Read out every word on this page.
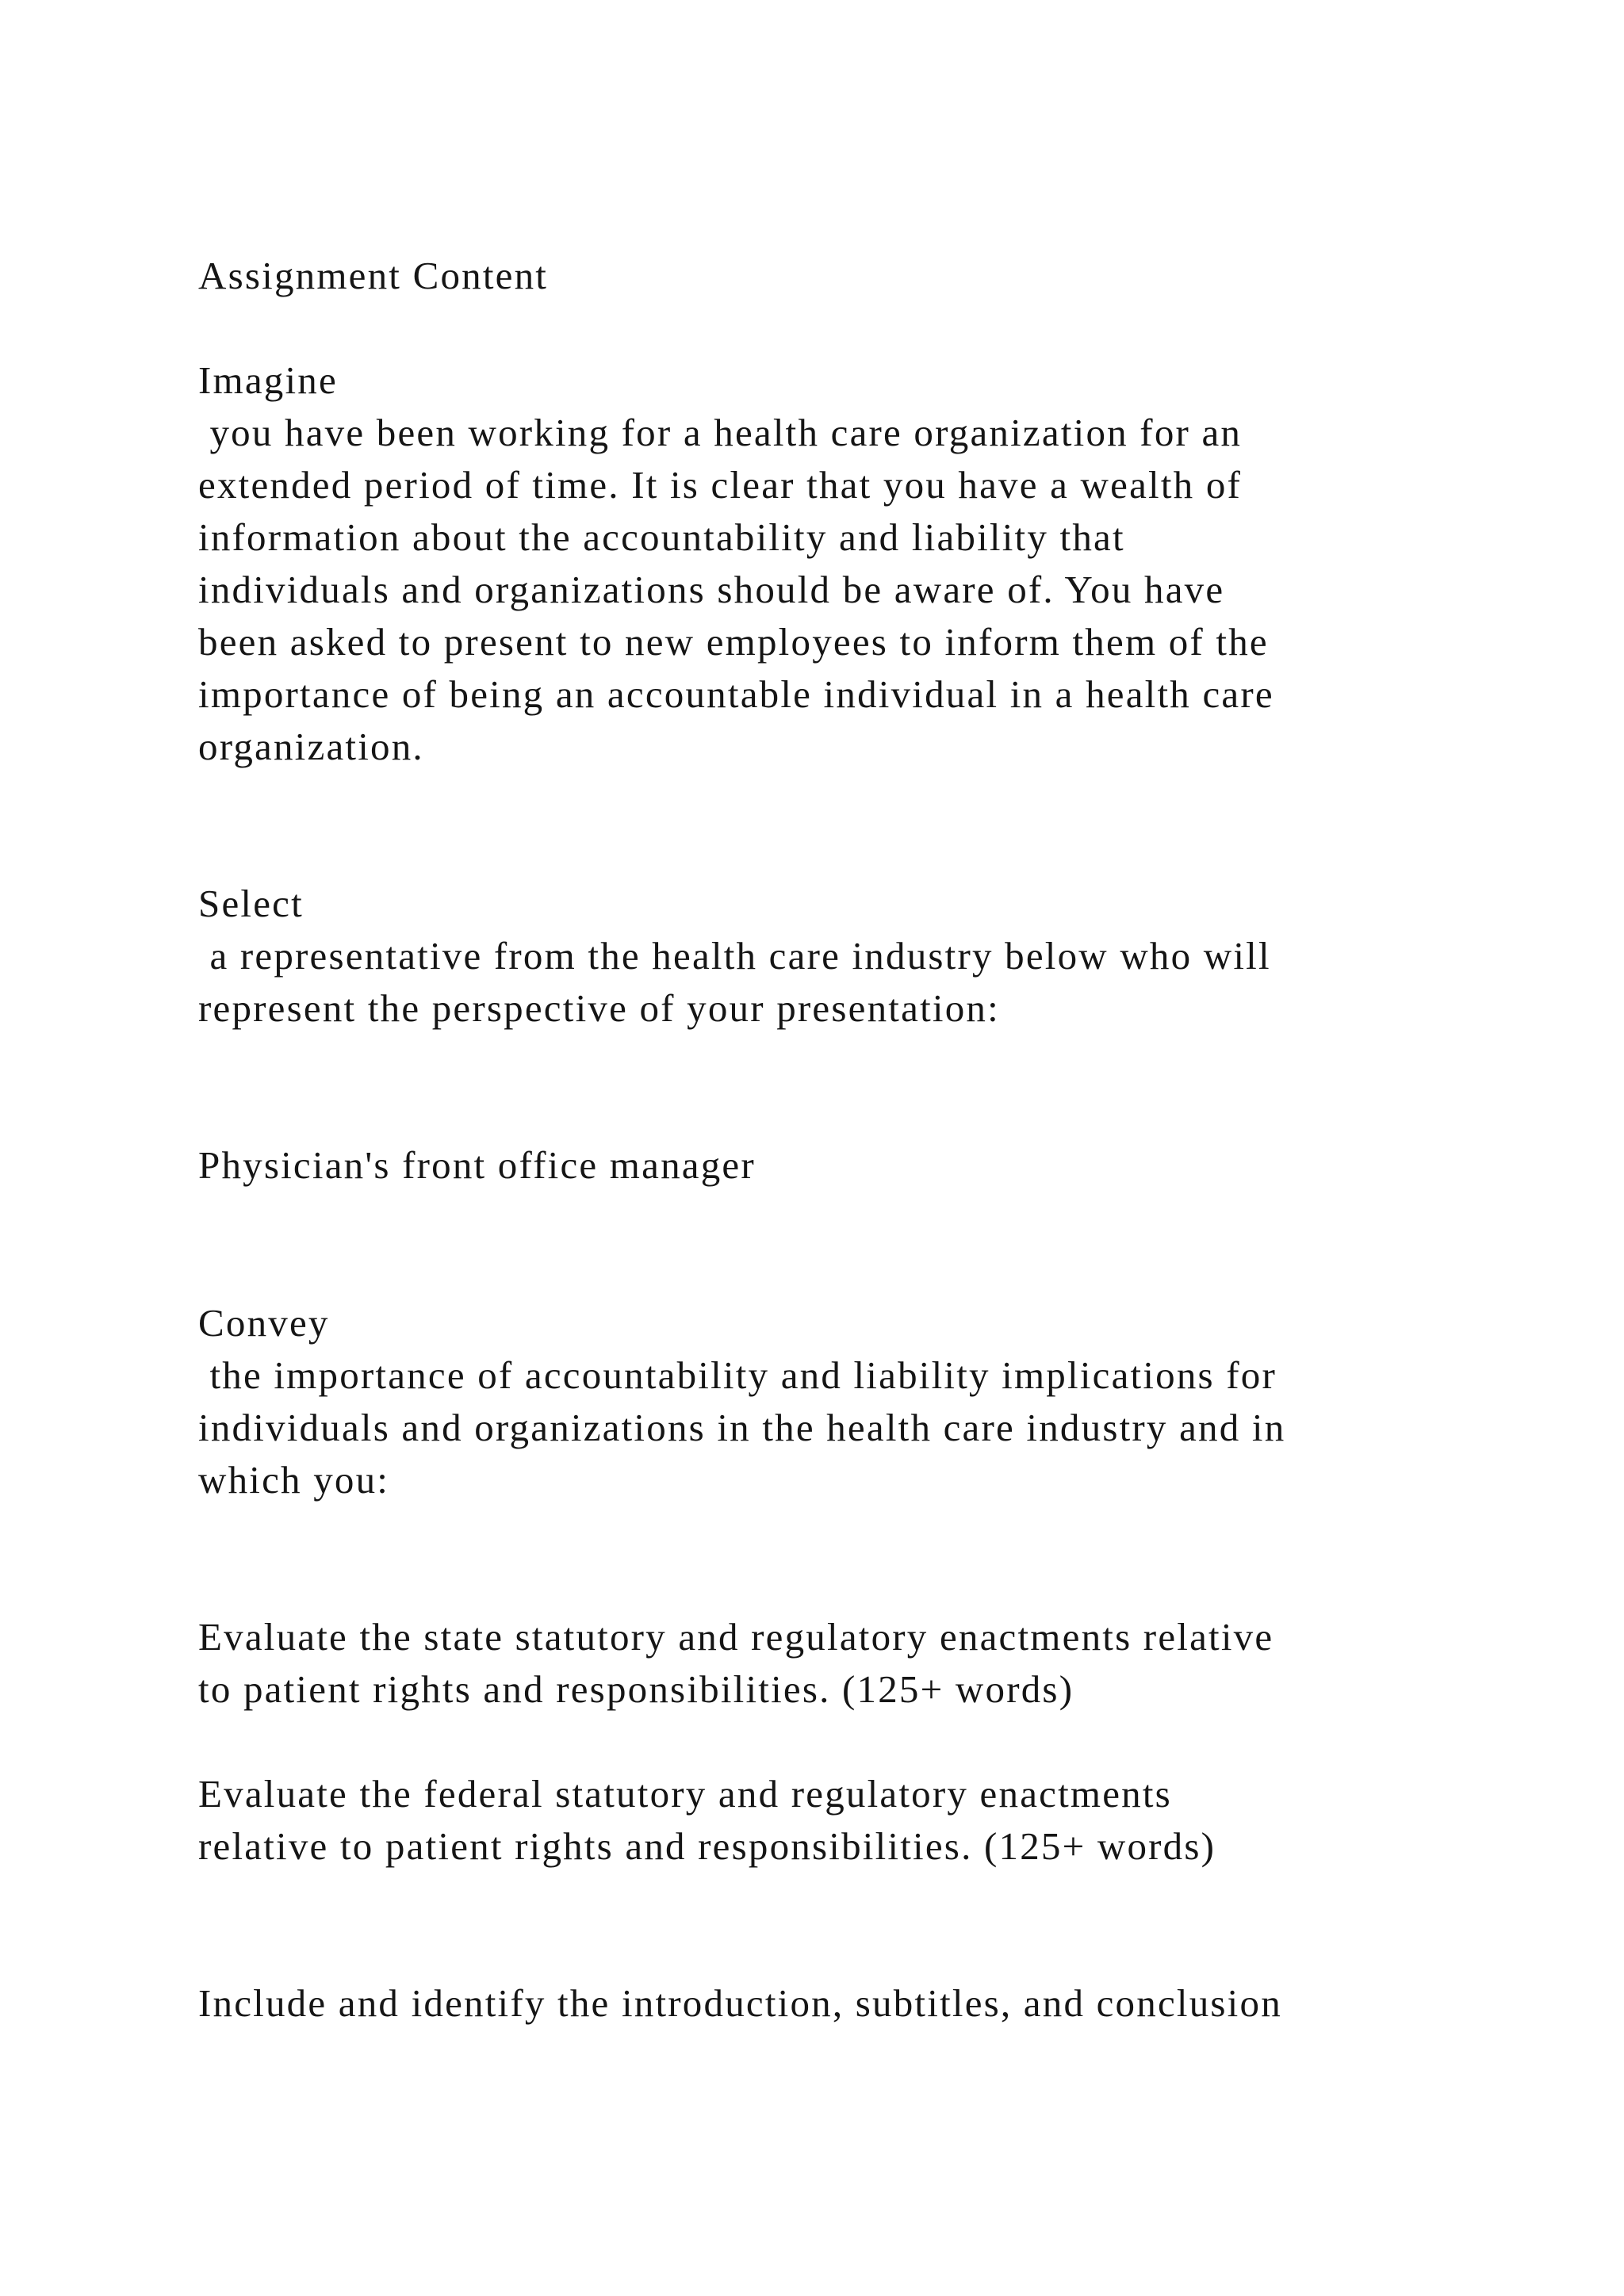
Assignment Content

Imagine

you have been working for a health care organization for an

extended period of time. It is clear that you have a wealth of

information about the accountability and liability that

individuals and organizations should be aware of. You have

been asked to present to new employees to inform them of the

importance of being an accountable individual in a health care

organization.

Select

a representative from the health care industry below who will

represent the perspective of your presentation:

Physician's front office manager

Convey

the importance of accountability and liability implications for

individuals and organizations in the health care industry and in

which you:

Evaluate the state statutory and regulatory enactments relative

to patient rights and responsibilities. (125+ words)

Evaluate the federal statutory and regulatory enactments

relative to patient rights and responsibilities. (125+ words)

Include and identify the introduction, subtitles, and conclusion
